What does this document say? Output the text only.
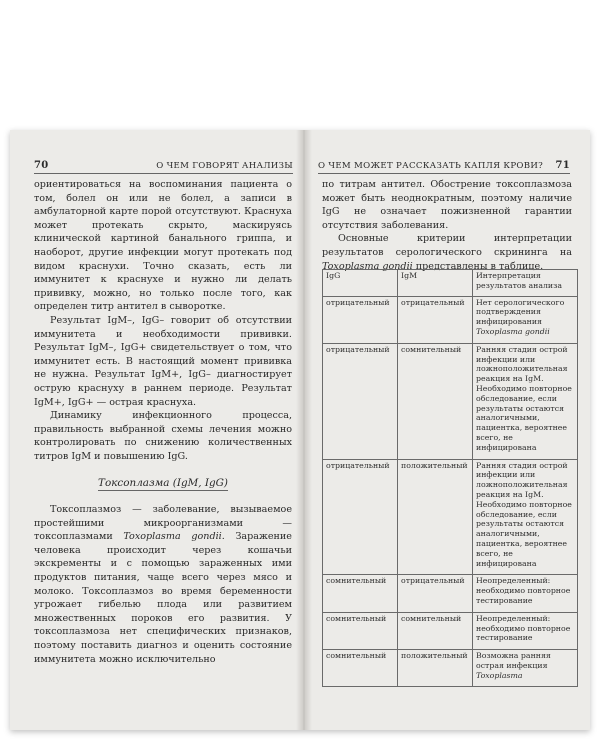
70	О ЧЕМ ГОВОРЯТ АНАЛИЗЫ

ориентироваться на воспоминания пациента о том, болел он или не болел, а записи в амбулаторной карте порой отсутствуют. Краснуха может протекать скрыто, маскируясь клинической картиной банального гриппа, и наоборот, другие инфекции могут протекать под видом краснухи. Точно сказать, есть ли иммунитет к краснухе и нужно ли делать прививку, можно, но только после того, как определен титр антител в сыворотке.

Результат IgM–, IgG– говорит об отсутствии иммунитета и необходимости прививки. Результат IgM–, IgG+ свидетельствует о том, что иммунитет есть. В настоящий момент прививка не нужна. Результат IgM+, IgG– диагностирует острую краснуху в раннем периоде. Результат IgM+, IgG+ — острая краснуха.

Динамику инфекционного процесса, правильность выбранной схемы лечения можно контролировать по снижению количественных титров IgM и повышению IgG.

Токсоплазма (IgM, IgG)

Токсоплазмоз — заболевание, вызываемое простейшими микроорганизмами — токсоплазмами Toxoplasma gondii. Заражение человека происходит через кошачьи экскременты и с помощью зараженных ими продуктов питания, чаще всего через мясо и молоко. Токсоплазмоз во время беременности угрожает гибелью плода или развитием множественных пороков его развития. У токсоплазмоза нет специфических признаков, поэтому поставить диагноз и оценить состояние иммунитета можно исключительно

О ЧЕМ МОЖЕТ РАССКАЗАТЬ КАПЛЯ КРОВИ? 71

по титрам антител. Обострение токсоплазмоза может быть неоднократным, поэтому наличие IgG не означает пожизненной гарантии отсутствия заболевания.

Основные критерии интерпретации результатов серологического скрининга на Toxoplasma gondii представлены в таблице.

IgG	IgM	Интерпретация результатов анализа
отрицательный	отрицательный	Нет серологического подтверждения инфицирования Toxoplasma gondii
отрицательный	сомнительный	Ранняя стадия острой инфекции или ложноположительная реакция на IgM. Необходимо повторное обследование, если результаты остаются аналогичными, пациентка, вероятнее всего, не инфицирована
отрицательный	положительный	Ранняя стадия острой инфекции или ложноположительная реакция на IgM. Необходимо повторное обследование, если результаты остаются аналогичными, пациентка, вероятнее всего, не инфицирована
сомнительный	отрицательный	Неопределенный: необходимо повторное тестирование
сомнительный	сомнительный	Неопределенный: необходимо повторное тестирование
сомнительный	положительный	Возможна ранняя острая инфекция Toxoplasma
